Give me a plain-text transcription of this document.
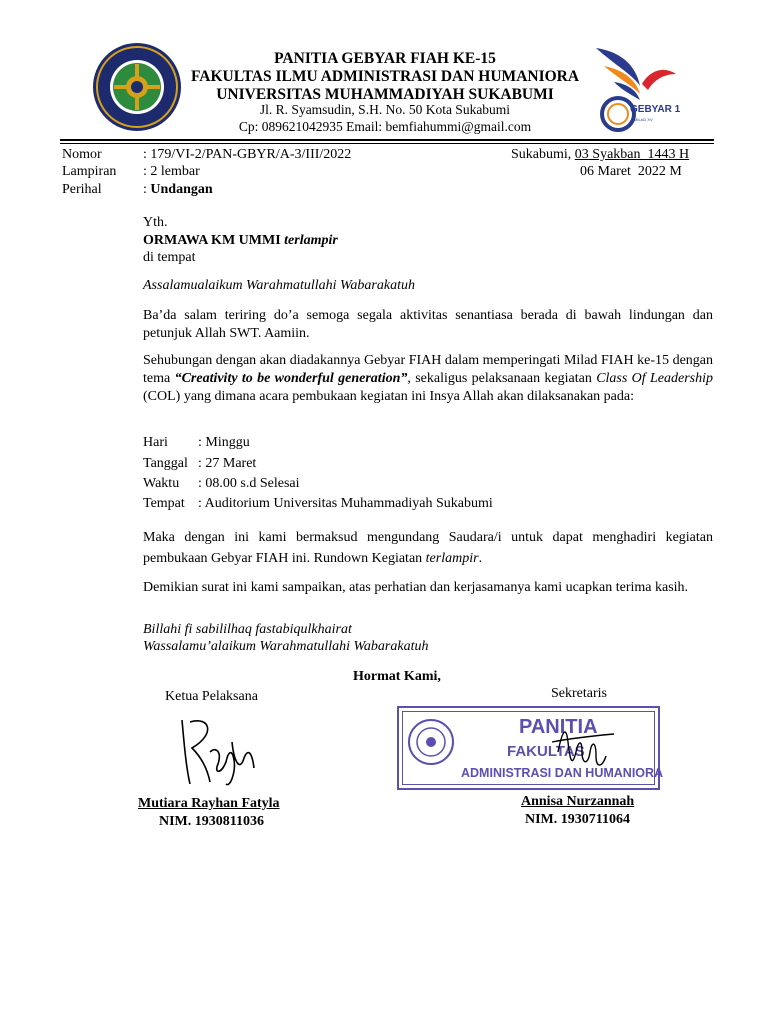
PANITIA GEBYAR FIAH KE-15
FAKULTAS ILMU ADMINISTRASI DAN HUMANIORA
UNIVERSITAS MUHAMMADIYAH SUKABUMI
Jl. R. Syamsudin, S.H. No. 50 Kota Sukabumi
Cp: 089621042935 Email: bemfiahummi@gmail.com
GEBYAR 1
MILAD XV
Nomor	: 179/VI-2/PAN-GBYR/A-3/III/2022
Lampiran : 2 lembar
Perihal	: Undangan
Sukabumi, 03 Syakban  1443 H
06 Maret  2022 M
Yth.
ORMAWA KM UMMI terlampir
di tempat
Assalamualaikum Warahmatullahi Wabarakatuh
Ba’da salam teriring do’a semoga segala aktivitas senantiasa berada di bawah lindungan dan petunjuk Allah SWT. Aamiin.
Sehubungan dengan akan diadakannya Gebyar FIAH dalam memperingati Milad FIAH ke-15 dengan tema “Creativity to be wonderful generation”, sekaligus pelaksanaan kegiatan Class Of Leadership (COL) yang dimana acara pembukaan kegiatan ini Insya Allah akan dilaksanakan pada:
Hari : Minggu
Tanggal : 27 Maret
Waktu : 08.00 s.d Selesai
Tempat : Auditorium Universitas Muhammadiyah Sukabumi
Maka dengan ini kami bermaksud mengundang Saudara/i untuk dapat menghadiri kegiatan pembukaan Gebyar FIAH ini. Rundown Kegiatan terlampir.
Demikian surat ini kami sampaikan, atas perhatian dan kerjasamanya kami ucapkan terima kasih.
Billahi fi sabililhaq fastabiqulkhairat
Wassalamu’alaikum Warahmatullahi Wabarakatuh
Hormat Kami,
Ketua Pelaksana
Mutiara Rayhan Fatyla
NIM. 1930811036
Sekretaris
PANITIA
FAKULTAS
ADMINISTRASI DAN HUMANIORA
Annisa Nurzannah
NIM. 1930711064
